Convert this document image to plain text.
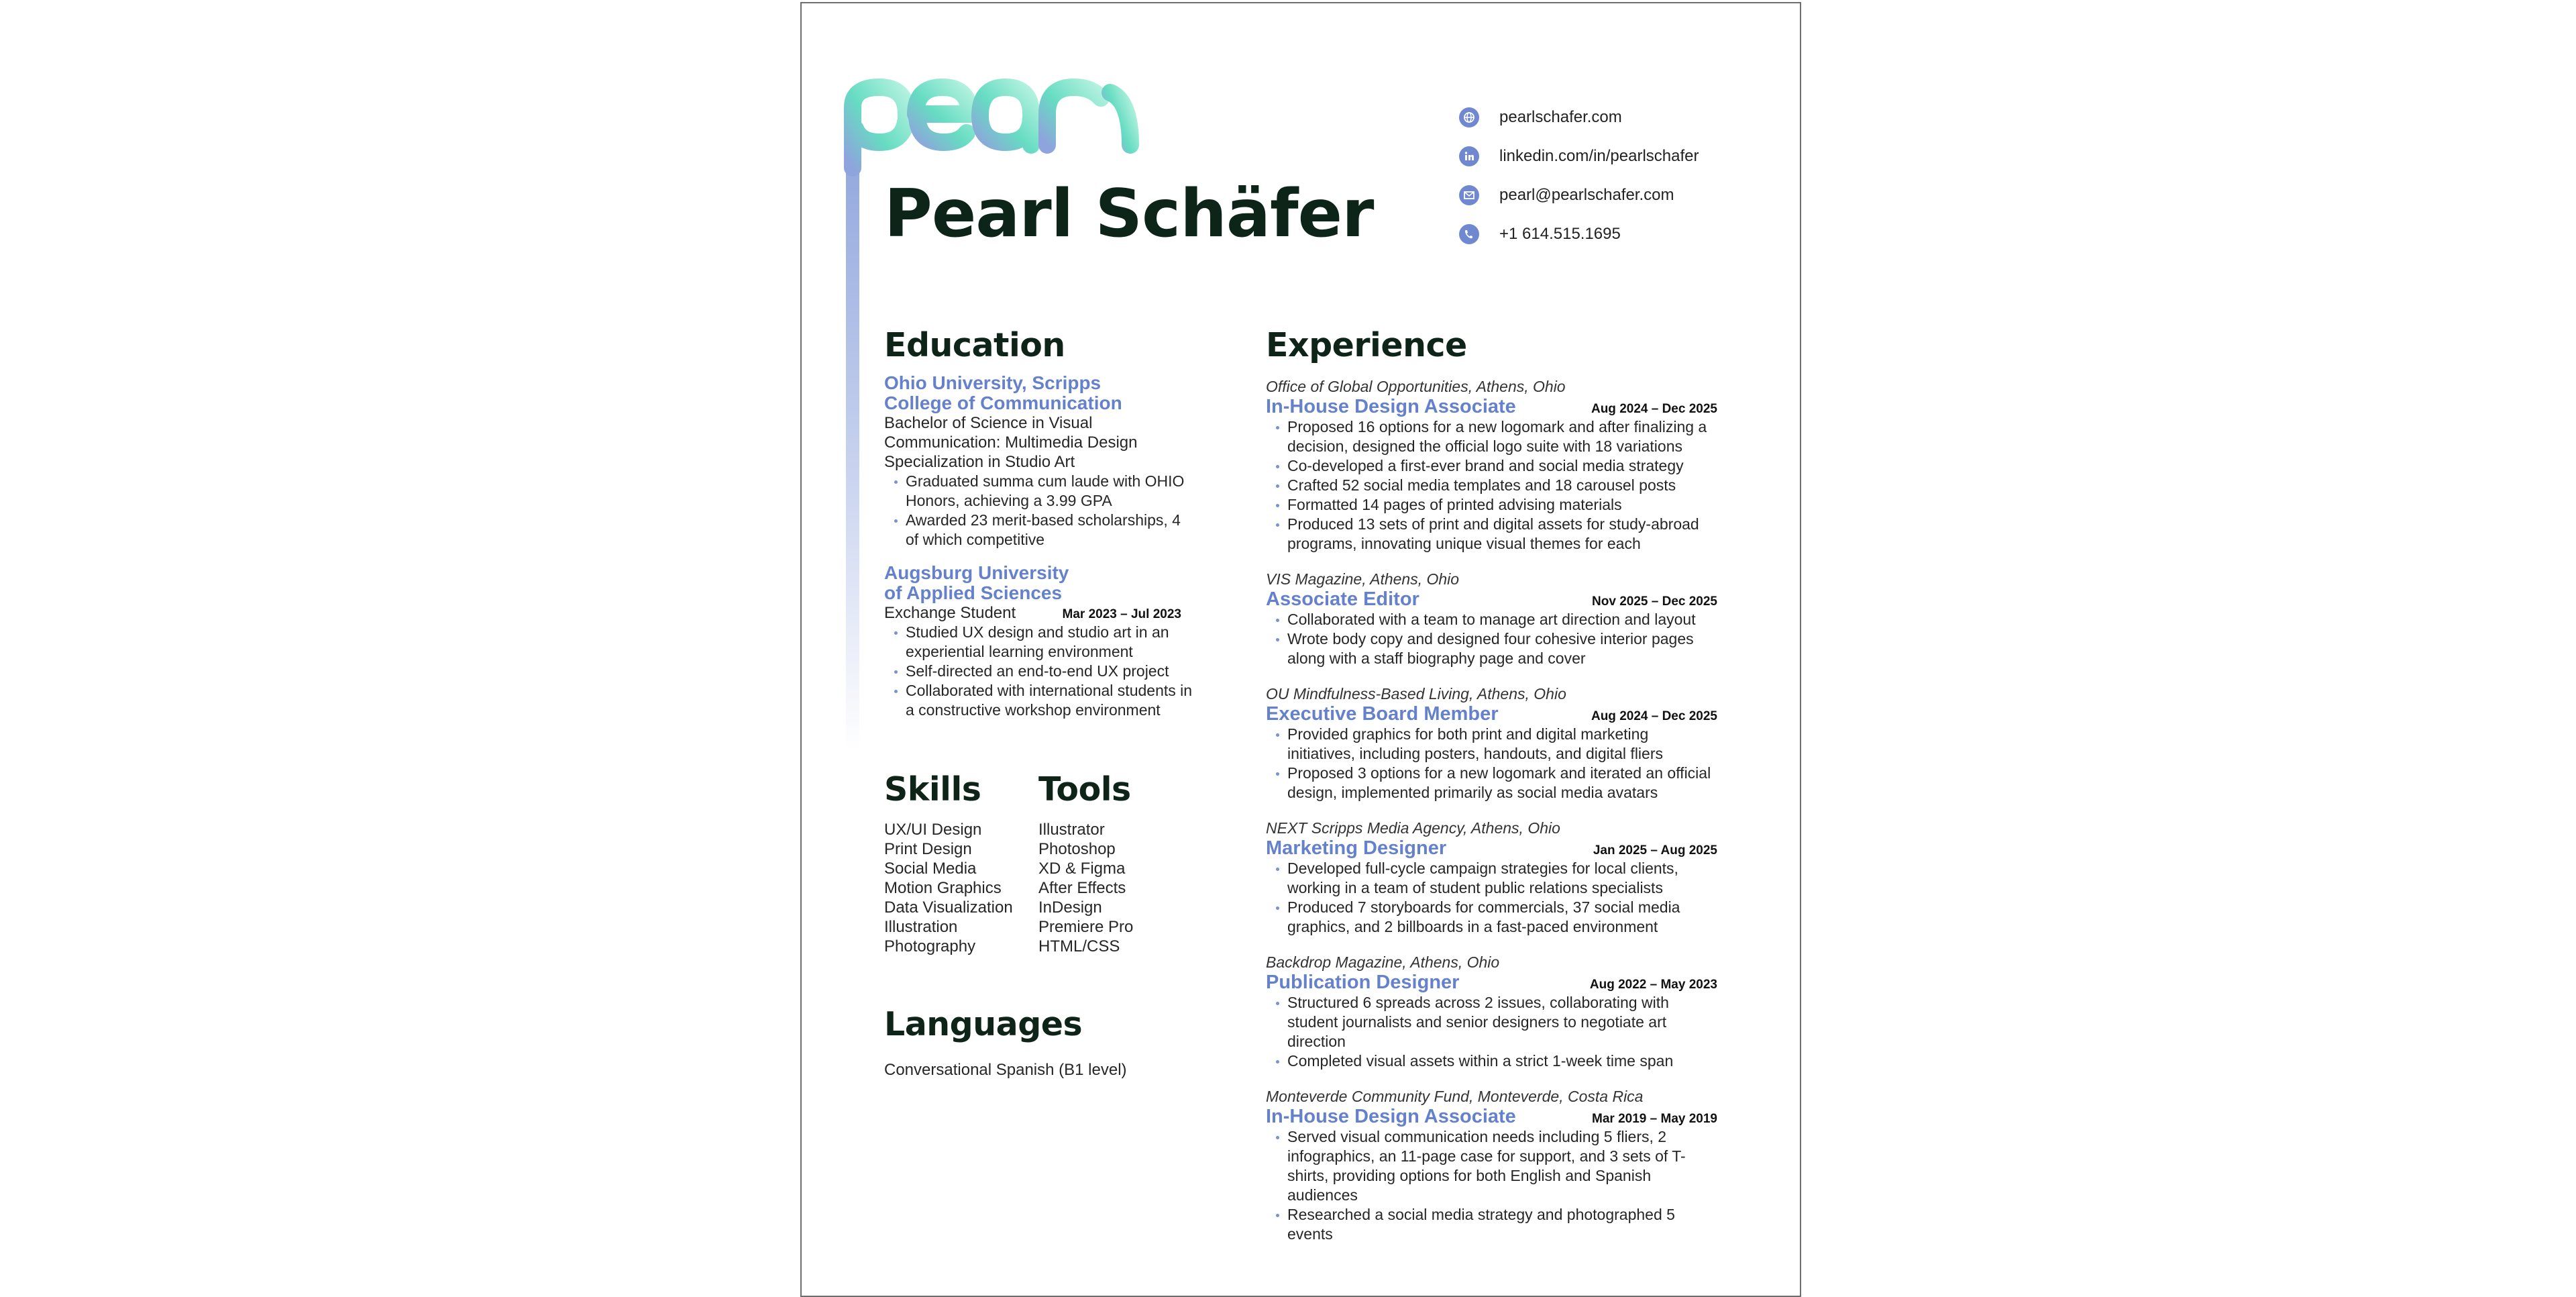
Pearl Schäfer
pearlschafer.com
linkedin.com/in/pearlschafer
pearl@pearlschafer.com
+1 614.515.1695
Education

Ohio University, Scripps

College of Communication

Bachelor of Science in Visual

Communication: Multimedia Design

Specialization in Studio Art

Graduated summa cum laude with OHIO Honors, achieving a 3.99 GPA
Awarded 23 merit-based scholarships, 4 of which competitive

Augsburg University

of Applied Sciences

Exchange Student	Mar 2023 – Jul 2023
Studied UX design and studio art in an experiential learning environment
Self-directed an end-to-end UX project
Collaborated with international students in a constructive workshop environment
Skills
UX/UI Design
Print Design
Social Media
Motion Graphics
Data Visualization
Illustration
Photography
Tools
Illustrator
Photoshop
XD & Figma
After Effects
InDesign
Premiere Pro
HTML/CSS
Languages

Conversational Spanish (B1 level)

Experience

Office of Global Opportunities, Athens, Ohio

In-House Design Associate	Aug 2024 – Dec 2025
Proposed 16 options for a new logomark and after finalizing a decision, designed the official logo suite with 18 variations
Co-developed a first-ever brand and social media strategy
Crafted 52 social media templates and 18 carousel posts
Formatted 14 pages of printed advising materials
Produced 13 sets of print and digital assets for study-abroad programs, innovating unique visual themes for each

VIS Magazine, Athens, Ohio

Associate Editor	Nov 2025 – Dec 2025
Collaborated with a team to manage art direction and layout
Wrote body copy and designed four cohesive interior pages along with a staff biography page and cover

OU Mindfulness-Based Living, Athens, Ohio

Executive Board Member	Aug 2024 – Dec 2025
Provided graphics for both print and digital marketing initiatives, including posters, handouts, and digital fliers
Proposed 3 options for a new logomark and iterated an official design, implemented primarily as social media avatars

NEXT Scripps Media Agency, Athens, Ohio

Marketing Designer	Jan 2025 – Aug 2025
Developed full-cycle campaign strategies for local clients, working in a team of student public relations specialists
Produced 7 storyboards for commercials, 37 social media graphics, and 2 billboards in a fast-paced environment

Backdrop Magazine, Athens, Ohio

Publication Designer	Aug 2022 – May 2023
Structured 6 spreads across 2 issues, collaborating with student journalists and senior designers to negotiate art direction
Completed visual assets within a strict 1-week time span

Monteverde Community Fund, Monteverde, Costa Rica

In-House Design Associate	Mar 2019 – May 2019
Served visual communication needs including 5 fliers, 2 infographics, an 11-page case for support, and 3 sets of T-shirts, providing options for both English and Spanish audiences
Researched a social media strategy and photographed 5 events
